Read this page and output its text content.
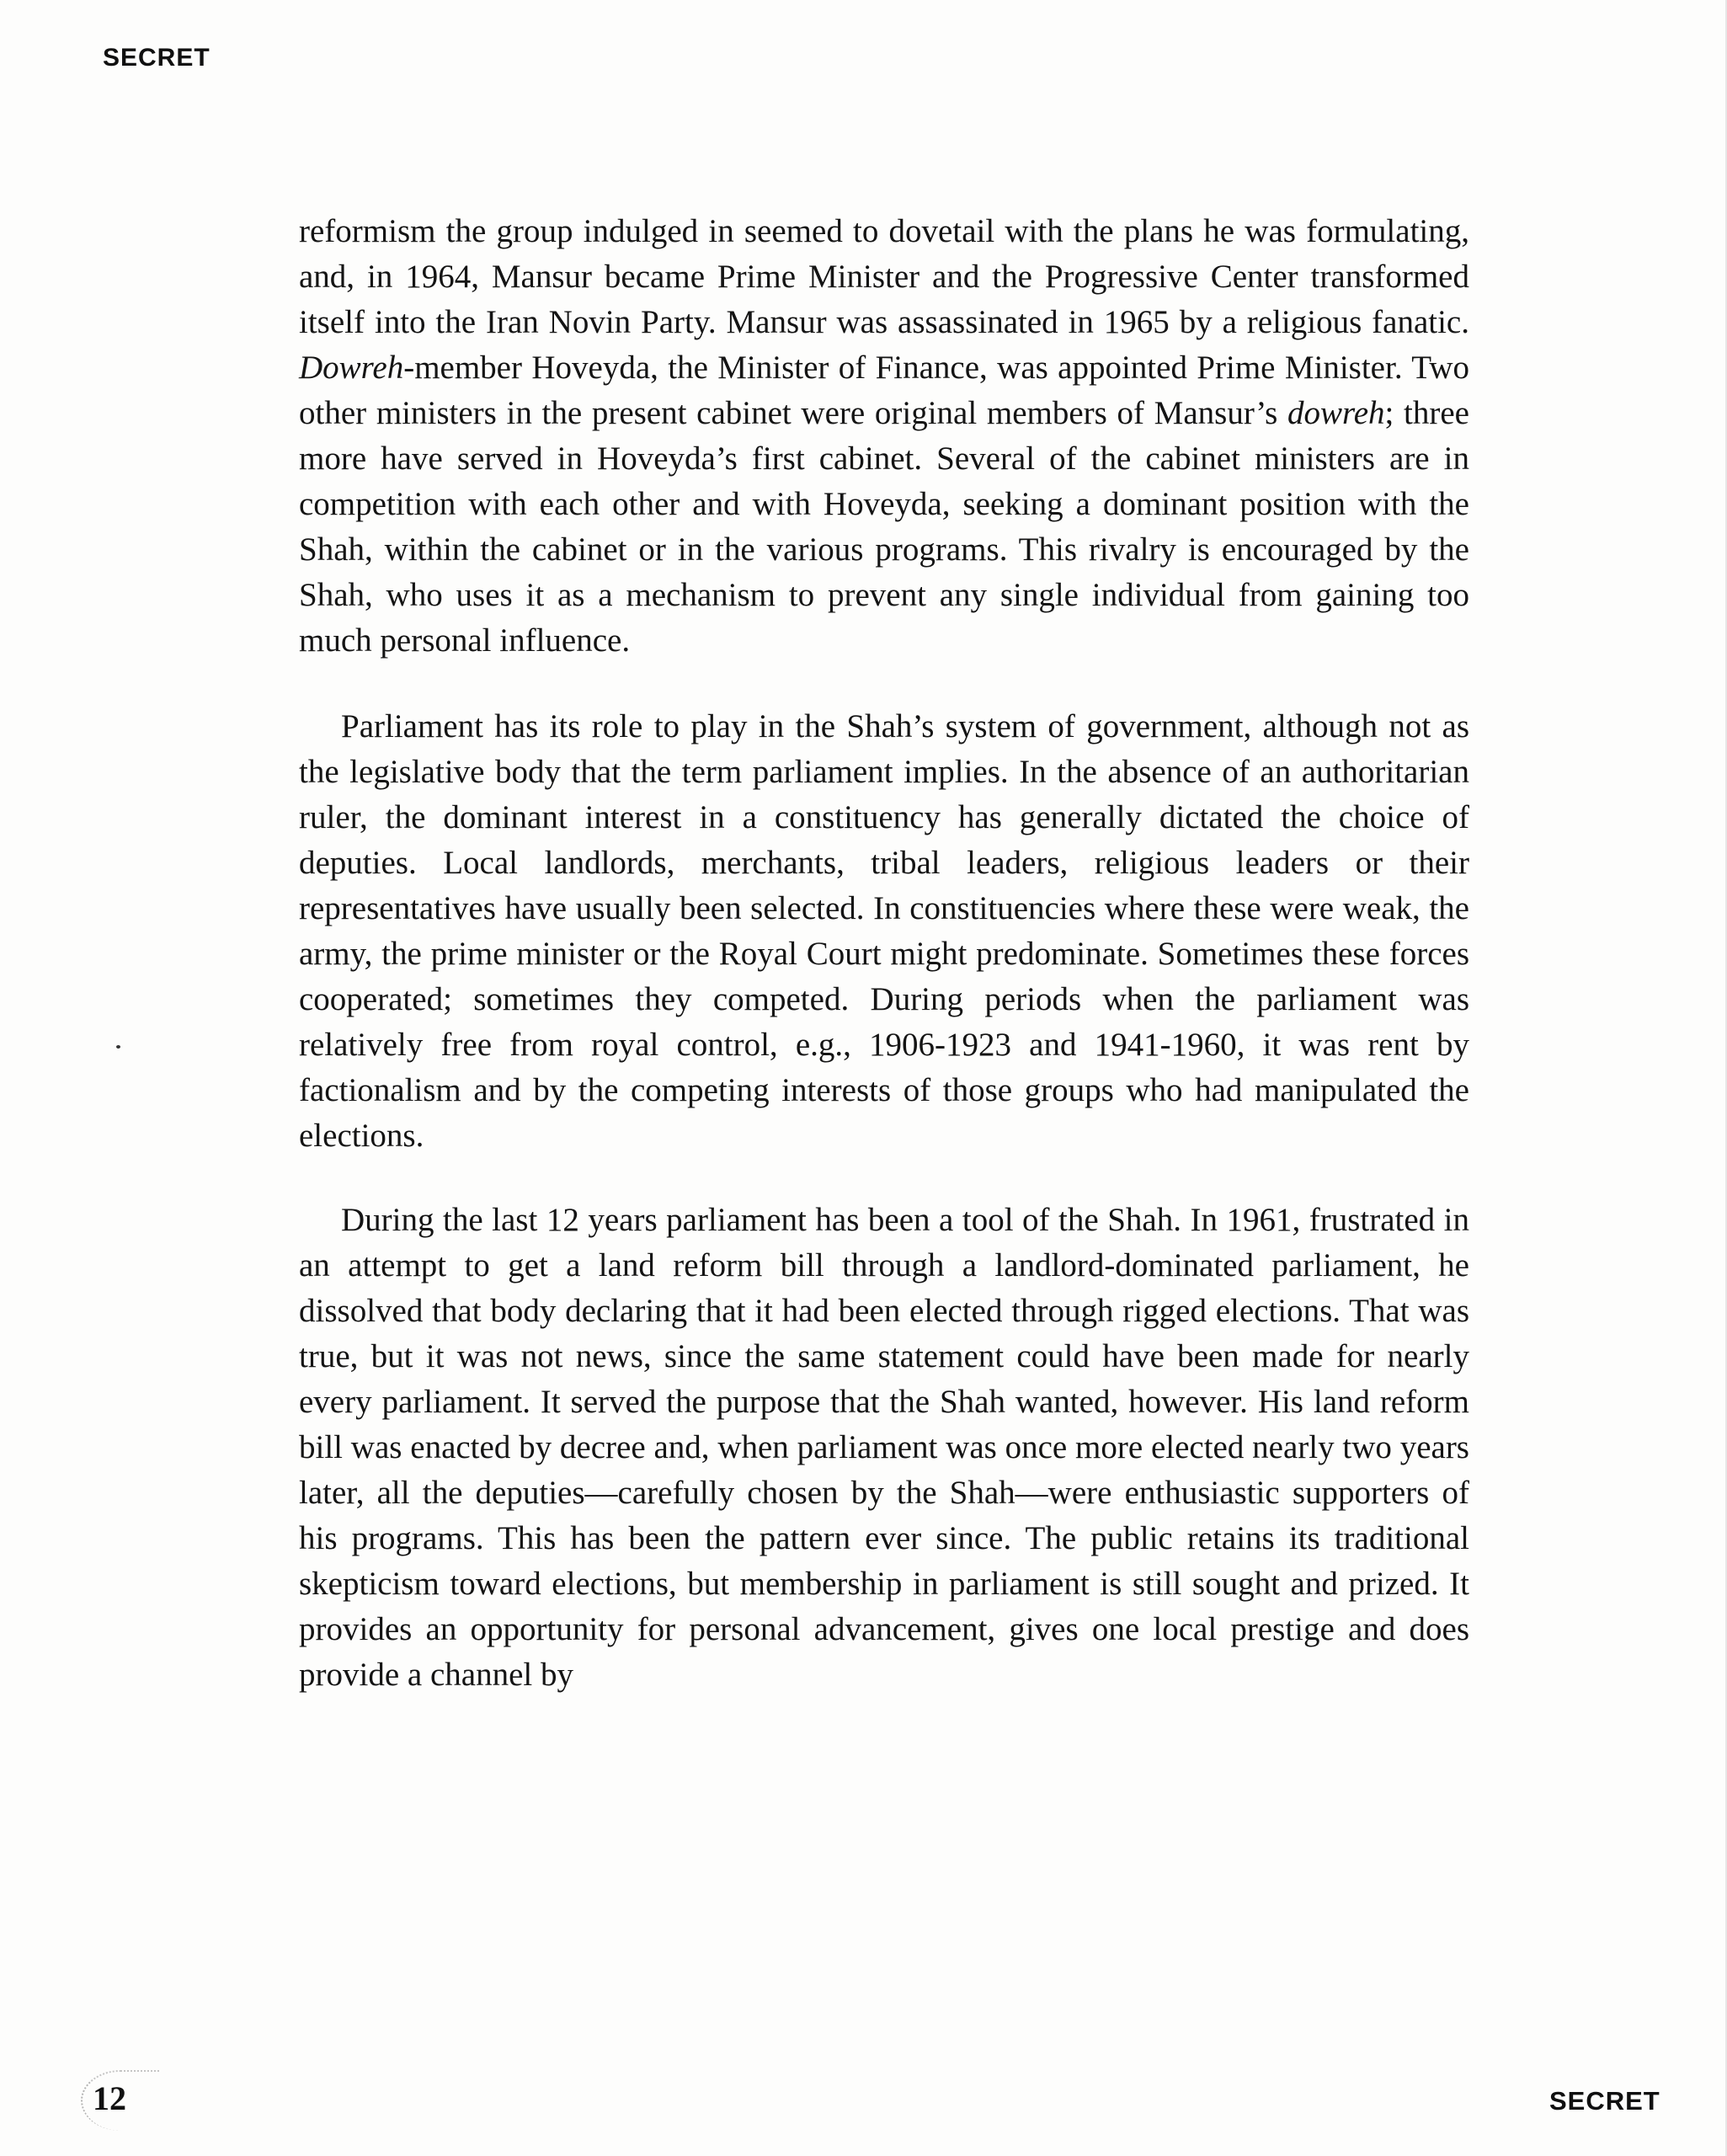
SECRET

reformism the group indulged in seemed to dovetail with the plans he was formulating, and, in 1964, Mansur became Prime Minister and the Progressive Center transformed itself into the Iran Novin Party. Mansur was assassinated in 1965 by a religious fanatic. Dowreh-member Hoveyda, the Minister of Finance, was appointed Prime Minister. Two other ministers in the present cabinet were original members of Mansur’s dowreh; three more have served in Hoveyda’s first cabinet. Several of the cabinet ministers are in competition with each other and with Hoveyda, seeking a dominant position with the Shah, within the cabinet or in the various programs. This rivalry is encouraged by the Shah, who uses it as a mechanism to prevent any single individual from gaining too much personal influence.

Parliament has its role to play in the Shah’s system of government, although not as the legislative body that the term parliament implies. In the absence of an authoritarian ruler, the dominant interest in a constituency has generally dictated the choice of deputies. Local landlords, merchants, tribal leaders, religious leaders or their representatives have usually been selected. In constituencies where these were weak, the army, the prime minister or the Royal Court might predominate. Sometimes these forces cooperated; sometimes they competed. During periods when the parliament was relatively free from royal control, e.g., 1906-1923 and 1941-1960, it was rent by factionalism and by the competing interests of those groups who had manipulated the elections.

During the last 12 years parliament has been a tool of the Shah. In 1961, frustrated in an attempt to get a land reform bill through a landlord-dominated parliament, he dissolved that body declaring that it had been elected through rigged elections. That was true, but it was not news, since the same statement could have been made for nearly every parliament. It served the purpose that the Shah wanted, however. His land reform bill was enacted by decree and, when parliament was once more elected nearly two years later, all the deputies—carefully chosen by the Shah—were enthusiastic supporters of his programs. This has been the pattern ever since. The public retains its traditional skepticism toward elections, but membership in parliament is still sought and prized. It provides an opportunity for personal advancement, gives one local prestige and does provide a channel by

12	SECRET
